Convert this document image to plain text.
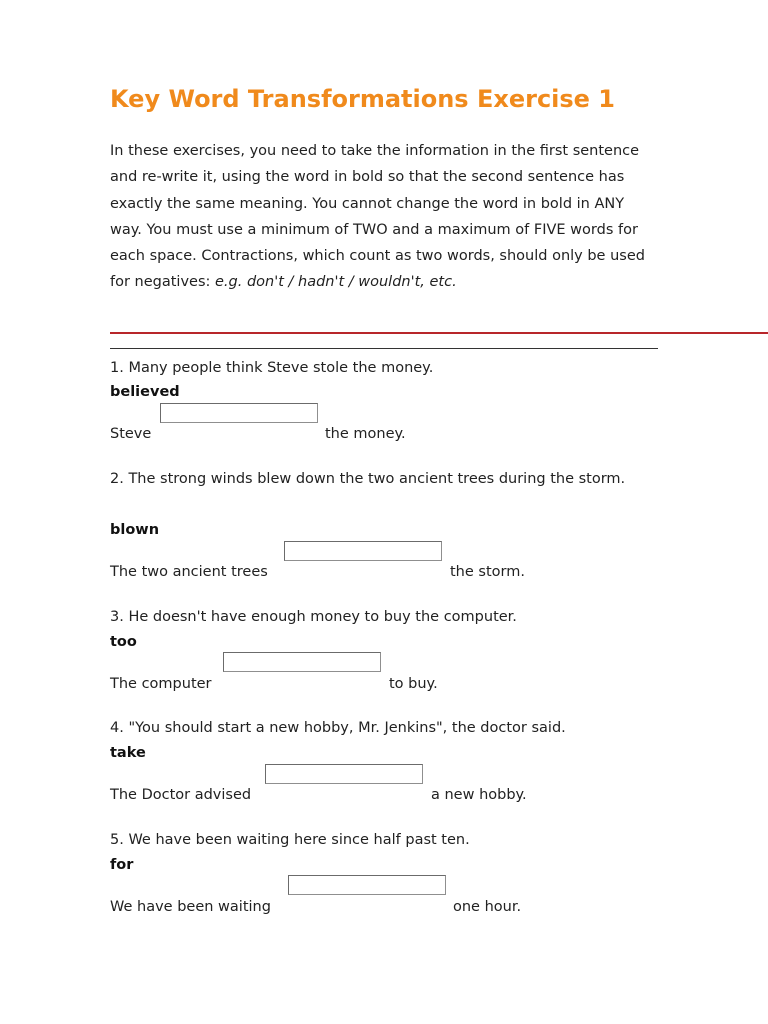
Key Word Transformations Exercise 1

In these exercises, you need to take the information in the first sentence and re-write it, using the word in bold so that the second sentence has exactly the same meaning. You cannot change the word in bold in ANY way. You must use a minimum of TWO and a maximum of FIVE words for each space. Contractions, which count as two words, should only be used for negatives: e.g. don't / hadn't / wouldn't, etc.

1. Many people think Steve stole the money.

believed

Steve	the money.

2. The strong winds blew down the two ancient trees during the storm.

blown

The two ancient trees	the storm.

3. He doesn't have enough money to buy the computer.

too

The computer	to buy.

4. "You should start a new hobby, Mr. Jenkins", the doctor said.

take

The Doctor advised	a new hobby.

5. We have been waiting here since half past ten.

for

We have been waiting	one hour.
